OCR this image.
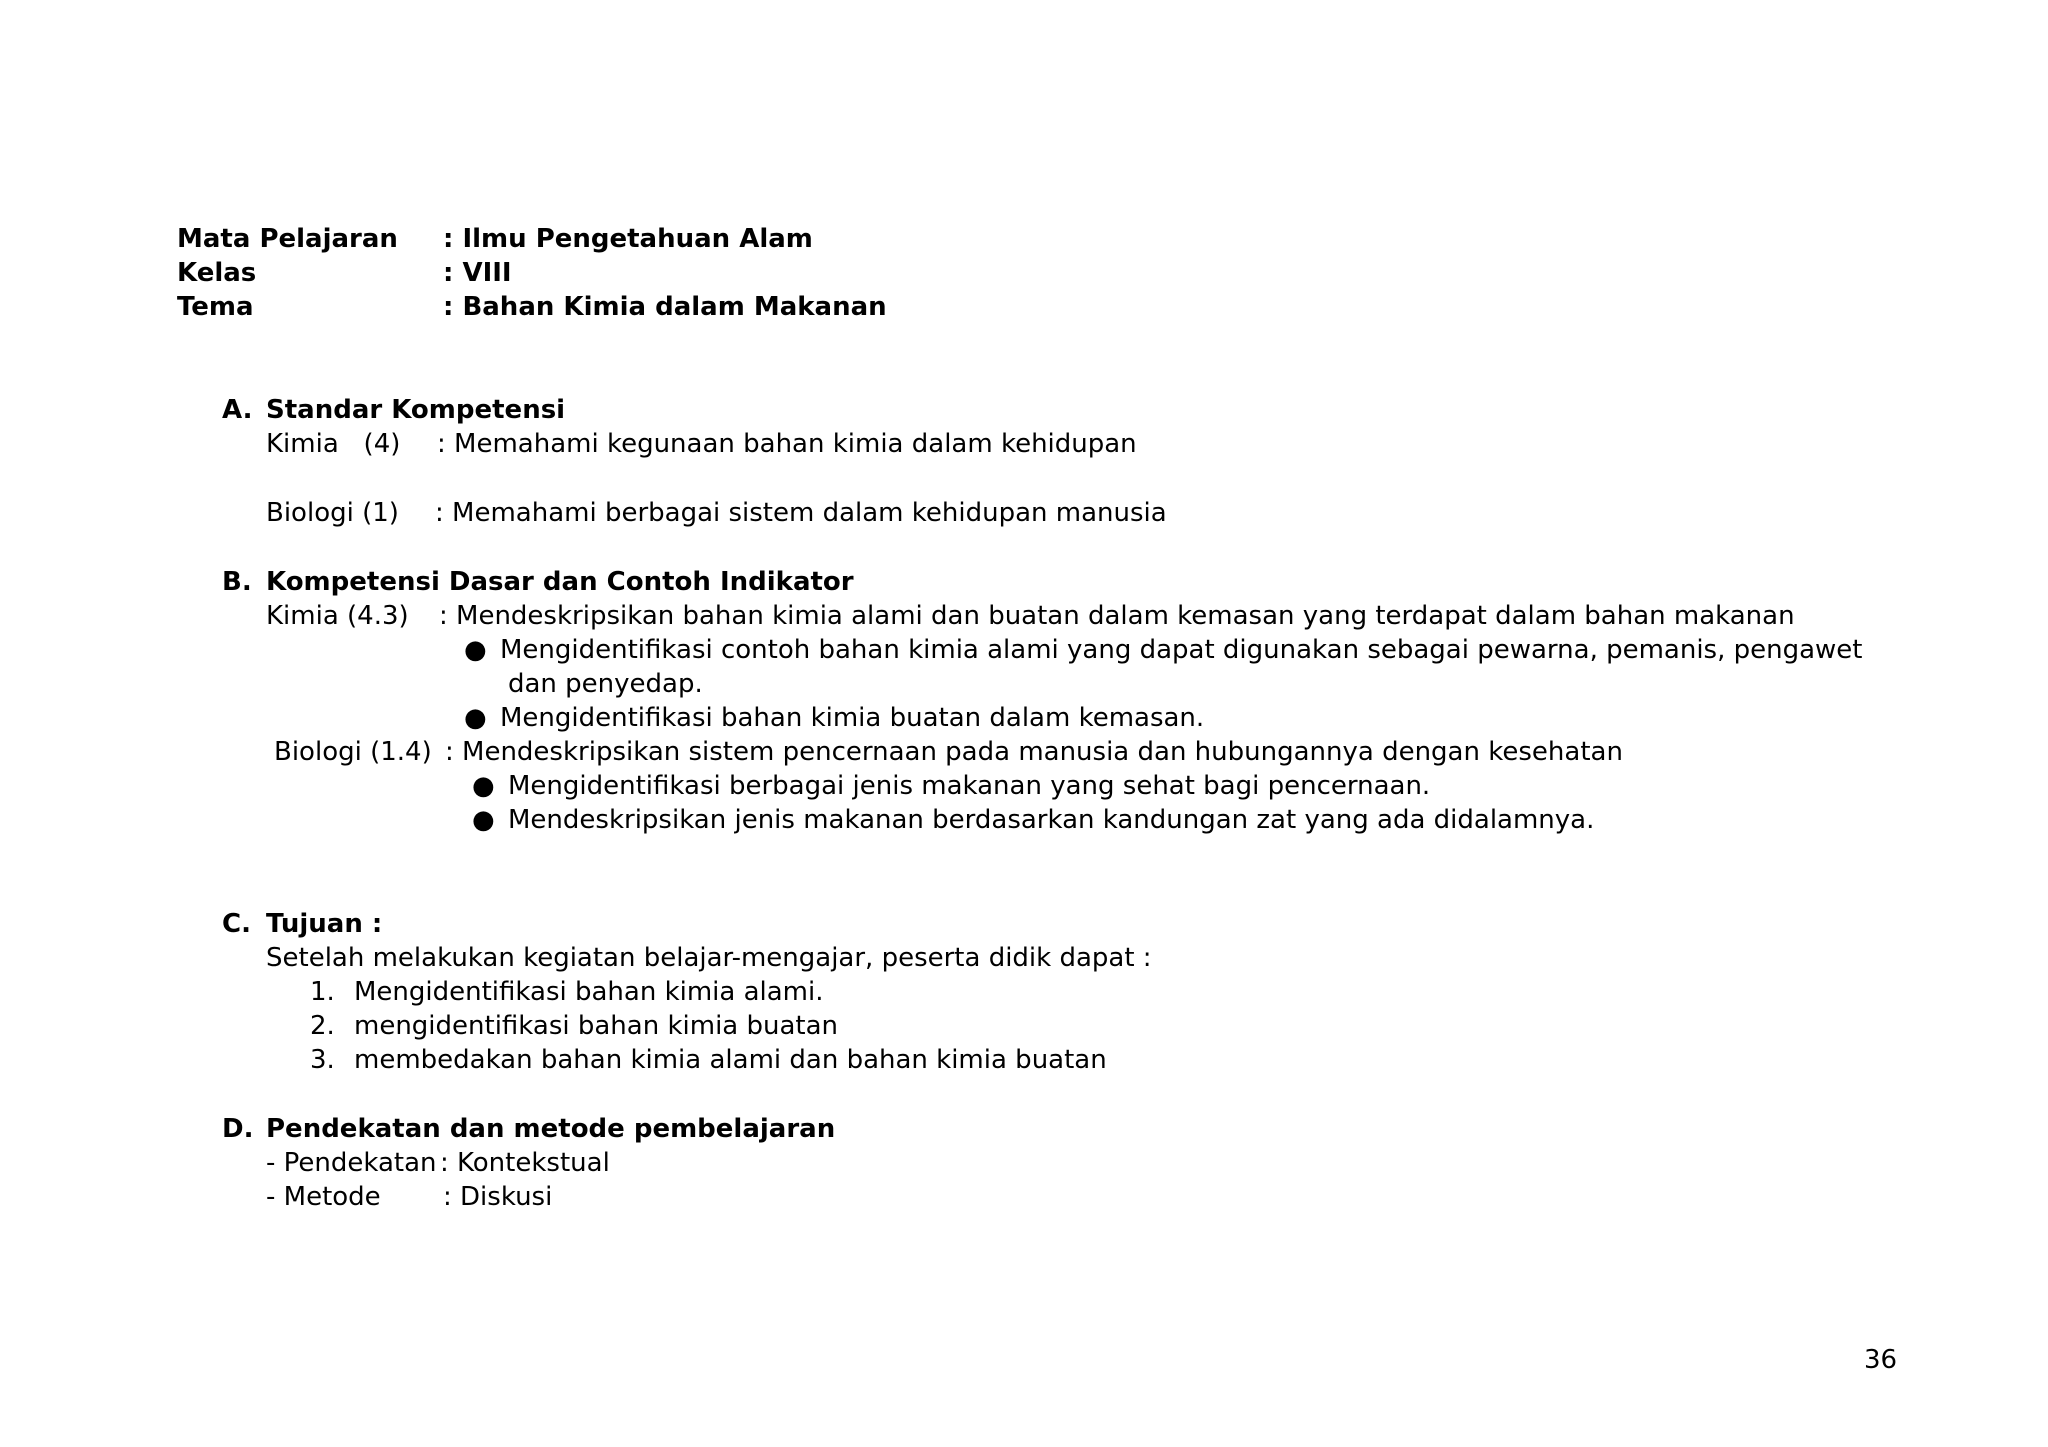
Mata Pelajaran : Ilmu Pengetahuan Alam
Kelas	: VIII
Tema	: Bahan Kimia dalam Makanan
A. Standar Kompetensi
Kimia   (4) : Memahami kegunaan bahan kimia dalam kehidupan
Biologi (1) : Memahami berbagai sistem dalam kehidupan manusia
B. Kompetensi Dasar dan Contoh Indikator
Kimia (4.3) : Mendeskripsikan bahan kimia alami dan buatan dalam kemasan yang terdapat dalam bahan makanan
● Mengidentifikasi contoh bahan kimia alami yang dapat digunakan sebagai pewarna, pemanis, pengawet
dan penyedap.
● Mengidentifikasi bahan kimia buatan dalam kemasan.
Biologi (1.4) : Mendeskripsikan sistem pencernaan pada manusia dan hubungannya dengan kesehatan
● Mengidentifikasi berbagai jenis makanan yang sehat bagi pencernaan.
● Mendeskripsikan jenis makanan berdasarkan kandungan zat yang ada didalamnya.
C. Tujuan :
Setelah melakukan kegiatan belajar-mengajar, peserta didik dapat :
1. Mengidentifikasi bahan kimia alami.
2. mengidentifikasi bahan kimia buatan
3. membedakan bahan kimia alami dan bahan kimia buatan
D. Pendekatan dan metode pembelajaran
- Pendekatan : Kontekstual
- Metode : Diskusi
36
